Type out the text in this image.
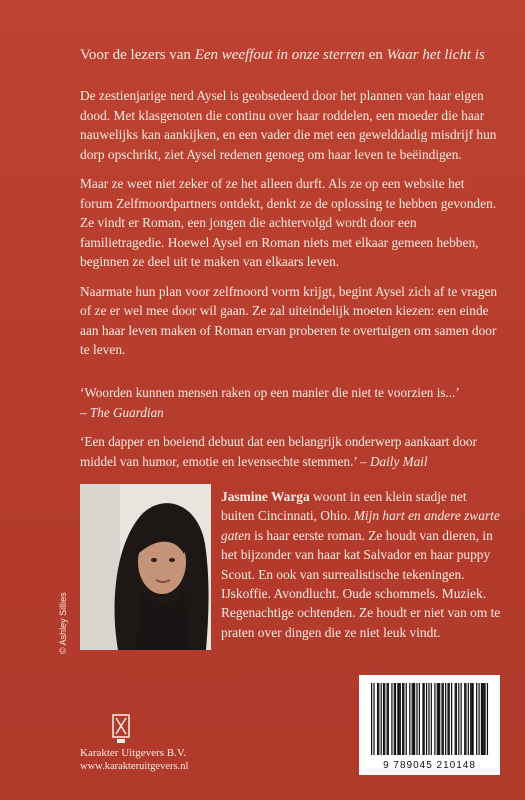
Voor de lezers van Een weeffout in onze sterren en Waar het licht is

De zestienjarige nerd Aysel is geobsedeerd door het plannen van haar eigen dood. Met klasgenoten die continu over haar roddelen, een moeder die haar nauwelijks kan aankijken, en een vader die met een gewelddadig misdrijf hun dorp opschrikt, ziet Aysel redenen genoeg om haar leven te beëindigen.

Maar ze weet niet zeker of ze het alleen durft. Als ze op een website het forum Zelfmoordpartners ontdekt, denkt ze de oplossing te hebben gevonden. Ze vindt er Roman, een jongen die achtervolgd wordt door een familietragedie. Hoewel Aysel en Roman niets met elkaar gemeen hebben, beginnen ze deel uit te maken van elkaars leven.

Naarmate hun plan voor zelfmoord vorm krijgt, begint Aysel zich af te vragen of ze er wel mee door wil gaan. Ze zal uiteindelijk moeten kiezen: een einde aan haar leven maken of Roman ervan proberen te overtuigen om samen door te leven.

‘Woorden kunnen mensen raken op een manier die niet te voorzien is...’
– The Guardian

‘Een dapper en boeiend debuut dat een belangrijk onderwerp aankaart door middel van humor, emotie en levensechte stemmen.’ – Daily Mail

© Ashley Sillies
Jasmine Warga woont in een klein stadje net buiten Cincinnati, Ohio. Mijn hart en andere zwarte gaten is haar eerste roman. Ze houdt van dieren, in het bijzonder van haar kat Salvador en haar puppy Scout. En ook van surrealistische tekeningen. IJskoffie. Avondlucht. Oude schommels. Muziek. Regenachtige ochtenden. Ze houdt er niet van om te praten over dingen die ze niet leuk vindt.
Karakter Uitgevers B.V.
www.karakteruitgevers.nl	9 789045 210148
